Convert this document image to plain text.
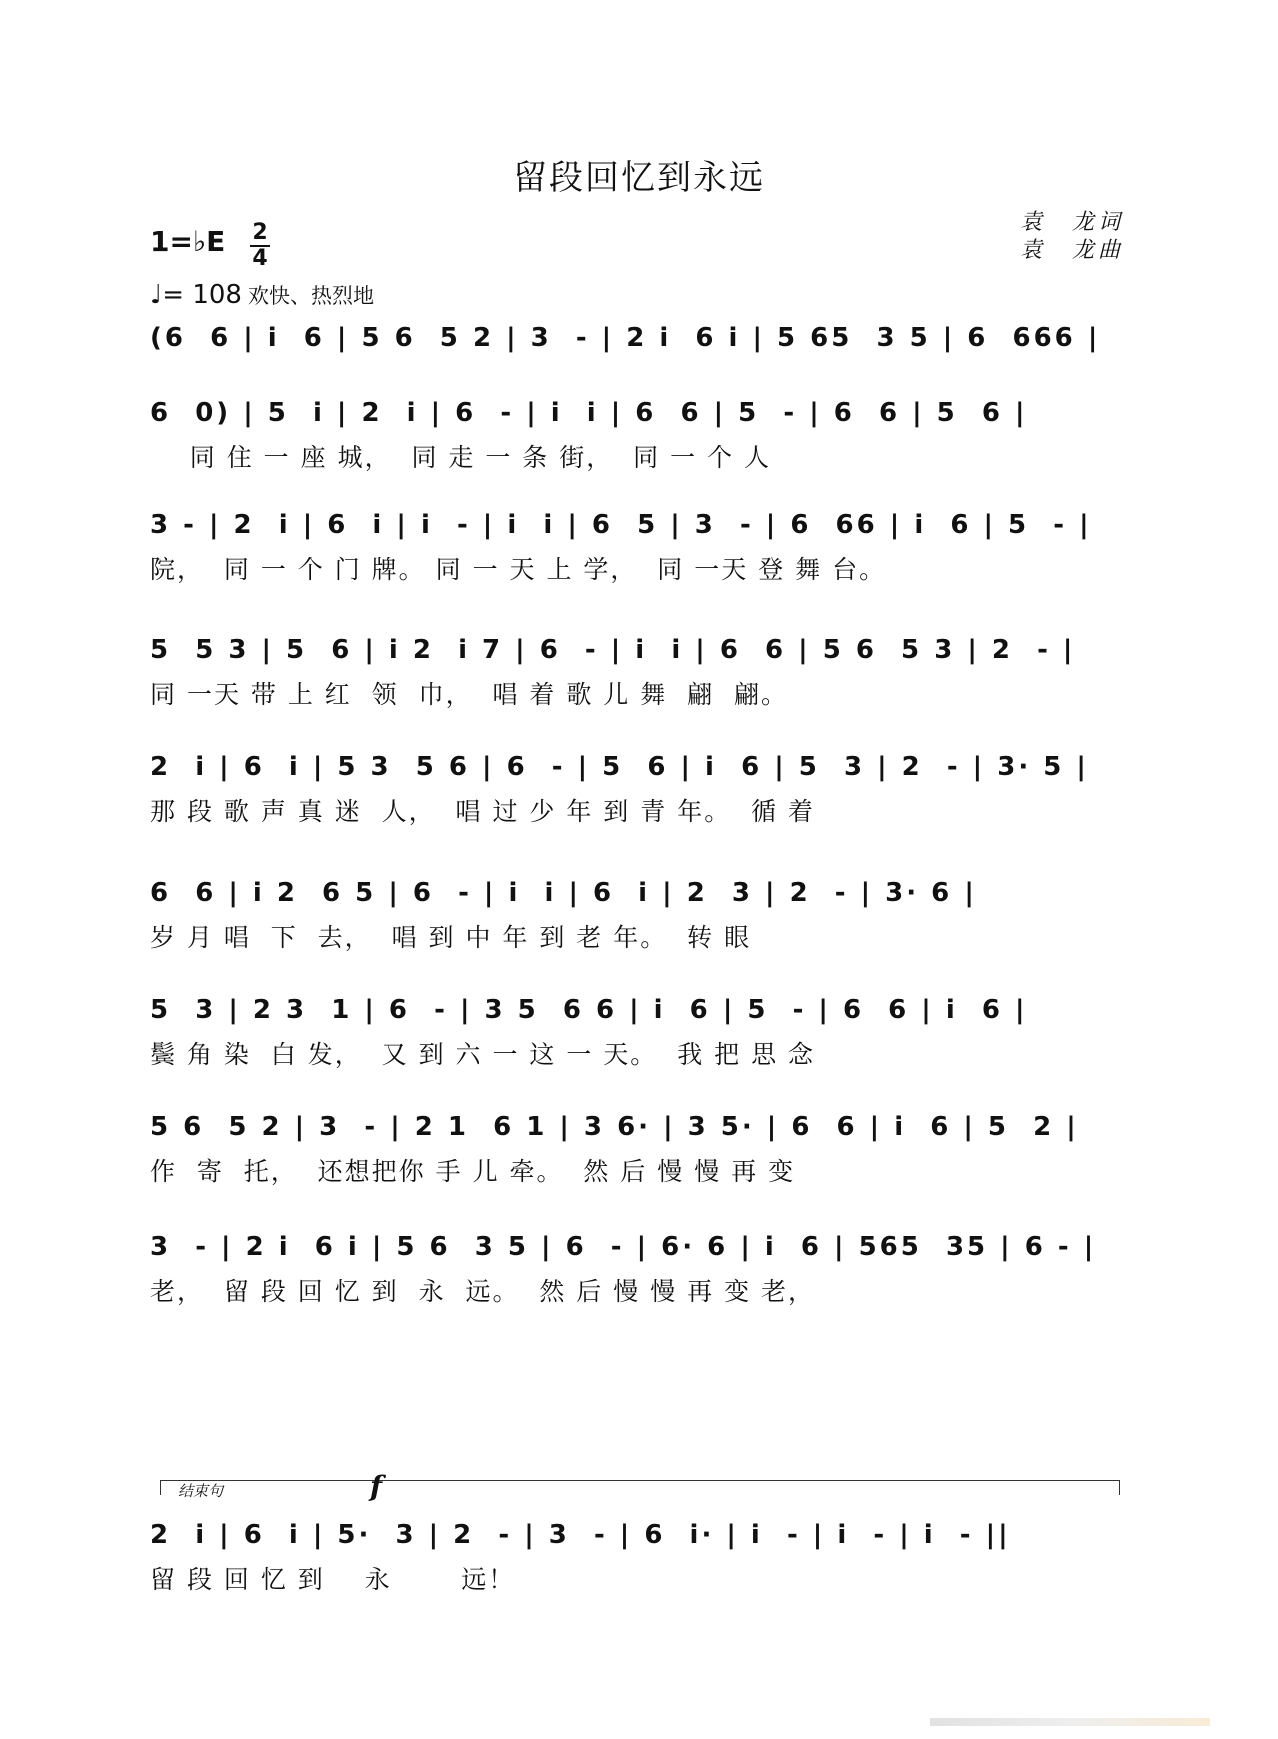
留段回忆到永远
1=♭E 2
4
♩= 108 欢快、热烈地
袁　龙词
袁　龙曲
(6  6 | i  6 | 5 6  5 2 | 3  - | 2 i  6 i | 5 65  3 5 | 6  666 |
6  0) | 5  i | 2  i | 6  - | i  i | 6  6 | 5  - | 6  6 | 5  6 |
同 住 一 座 城，  同 走 一 条 街，  同 一 个 人
3 - | 2  i | 6  i | i  - | i  i | 6  5 | 3  - | 6  66 | i  6 | 5  - |
院，  同 一 个 门 牌。 同 一 天 上 学，  同 一天 登 舞 台。
5  5 3 | 5  6 | i 2  i 7 | 6  - | i  i | 6  6 | 5 6  5 3 | 2  - |
同 一天 带 上 红  领  巾，  唱 着 歌 儿 舞  翩  翩。
2  i | 6  i | 5 3  5 6 | 6  - | 5  6 | i  6 | 5  3 | 2  - | 3· 5 |
那 段 歌 声 真 迷  人，  唱 过 少 年 到 青 年。  循 着
6  6 | i 2  6 5 | 6  - | i  i | 6  i | 2  3 | 2  - | 3· 6 |
岁 月 唱  下  去，  唱 到 中 年 到 老 年。  转 眼
5  3 | 2 3  1 | 6  - | 3 5  6 6 | i  6 | 5  - | 6  6 | i  6 |
鬓 角 染  白 发，  又 到 六 一 这 一 天。  我 把 思 念
5 6  5 2 | 3  - | 2 1  6 1 | 3 6· | 3 5· | 6  6 | i  6 | 5  2 |
作  寄  托，  还想把你 手 儿 牵。  然 后 慢 慢 再 变
3  - | 2 i  6 i | 5 6  3 5 | 6  - | 6· 6 | i  6 | 565  35 | 6 - |
老，  留 段 回 忆 到  永  远。  然 后 慢 慢 再 变 老，
结束句	f
2  i | 6  i | 5·  3 | 2  - | 3  - | 6  i· | i  - | i  - | i  - ||
留 段 回 忆 到    永       远！
